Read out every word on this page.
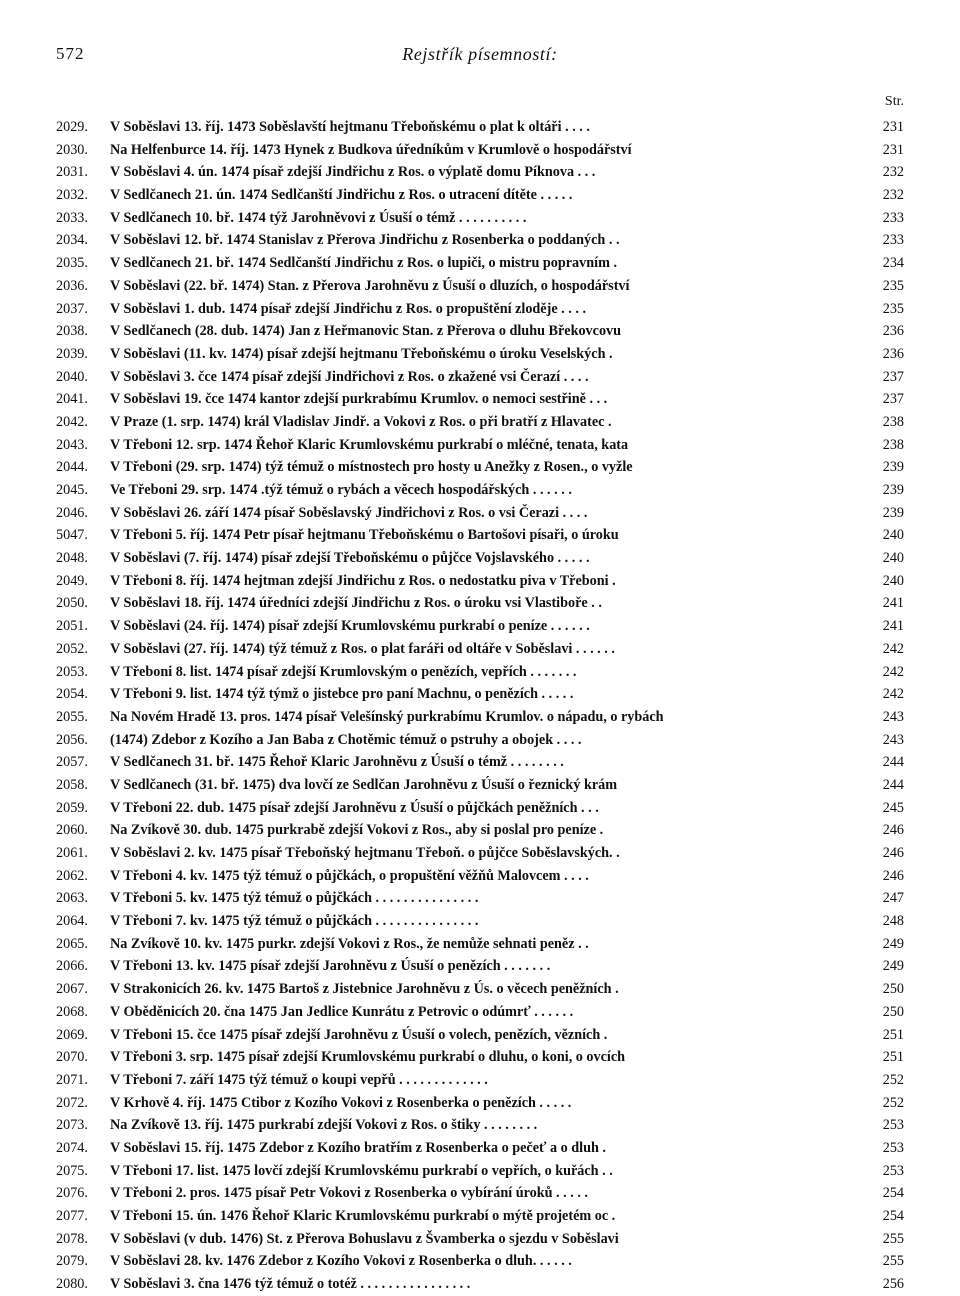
572	Rejstřík písemností:
Str.
2029.	V Soběslavi 13. říj. 1473 Soběslavští hejtmanu Třeboňskému o plat k oltáři . . . .	231
2030.	Na Helfenburce 14. říj. 1473 Hynek z Budkova úředníkům v Krumlově o hospodářství	231
2031.	V Soběslavi 4. ún. 1474 písař zdejší Jindřichu z Ros. o výplatě domu Píknova . . .	232
2032.	V Sedlčanech 21. ún. 1474 Sedlčanští Jindřichu z Ros. o utracení dítěte . . . . .	232
2033.	V Sedlčanech 10. bř. 1474 týž Jarohněvovi z Úsuší o témž . . . . . . . . . .	233
2034.	V Soběslavi 12. bř. 1474 Stanislav z Přerova Jindřichu z Rosenberka o poddaných . .	233
2035.	V Sedlčanech 21. bř. 1474 Sedlčanští Jindřichu z Ros. o lupiči, o mistru popravním .	234
2036.	V Soběslavi (22. bř. 1474) Stan. z Přerova Jarohněvu z Úsuší o dluzích, o hospodářství	235
2037.	V Soběslavi 1. dub. 1474 písař zdejší Jindřichu z Ros. o propuštění zloděje . . . .	235
2038.	V Sedlčanech (28. dub. 1474) Jan z Heřmanovic Stan. z Přerova o dluhu Břekovcovu	236
2039.	V Soběslavi (11. kv. 1474) písař zdejší hejtmanu Třeboňskému o úroku Veselských .	236
2040.	V Soběslavi 3. čce 1474 písař zdejší Jindřichovi z Ros. o zkažené vsi Čerazí . . . .	237
2041.	V Soběslavi 19. čce 1474 kantor zdejší purkrabímu Krumlov. o nemoci sestřině . . .	237
2042.	V Praze (1. srp. 1474) král Vladislav Jindř. a Vokovi z Ros. o při bratří z Hlavatec .	238
2043.	V Třeboni 12. srp. 1474 Řehoř Klaric Krumlovskému purkrabí o mléčné, tenata, kata	238
2044.	V Třeboni (29. srp. 1474) týž témuž o místnostech pro hosty u Anežky z Rosen., o vyžle	239
2045.	Ve Třeboni 29. srp. 1474 .týž témuž o rybách a věcech hospodářských . . . . . .	239
2046.	V Soběslavi 26. září 1474 písař Soběslavský Jindřichovi z Ros. o vsi Čerazi . . . .	239
5047.	V Třeboni 5. říj. 1474 Petr písař hejtmanu Třeboňskému o Bartošovi písaři, o úroku	240
2048.	V Soběslavi (7. říj. 1474) písař zdejší Třeboňskému o půjčce Vojslavského . . . . .	240
2049.	V Třeboni 8. říj. 1474 hejtman zdejší Jindřichu z Ros. o nedostatku piva v Třeboni .	240
2050.	V Soběslavi 18. říj. 1474 úředníci zdejší Jindřichu z Ros. o úroku vsi Vlastiboře . .	241
2051.	V Soběslavi (24. říj. 1474) písař zdejší Krumlovskému purkrabí o peníze . . . . . .	241
2052.	V Soběslavi (27. říj. 1474) týž témuž z Ros. o plat faráři od oltáře v Soběslavi . . . . . .	242
2053.	V Třeboni 8. list. 1474 písař zdejší Krumlovským o penězích, vepřích . . . . . . .	242
2054.	V Třeboni 9. list. 1474 týž týmž o jistebce pro paní Machnu, o penězích . . . . .	242
2055.	Na Novém Hradě 13. pros. 1474 písař Velešínský purkrabímu Krumlov. o nápadu, o rybách	243
2056.	(1474) Zdebor z Kozího a Jan Baba z Chotěmic témuž o pstruhy a obojek . . . .	243
2057.	V Sedlčanech 31. bř. 1475 Řehoř Klaric Jarohněvu z Úsuší o témž . . . . . . . .	244
2058.	V Sedlčanech (31. bř. 1475) dva lovčí ze Sedlčan Jarohněvu z Úsuší o řeznický krám	244
2059.	V Třeboni 22. dub. 1475 písař zdejší Jarohněvu z Úsuší o půjčkách peněžních . . .	245
2060.	Na Zvíkově 30. dub. 1475 purkrabě zdejší Vokovi z Ros., aby si poslal pro peníze .	246
2061.	V Soběslavi 2. kv. 1475 písař Třeboňský hejtmanu Třeboň. o půjčce Soběslavských. .	246
2062.	V Třeboni 4. kv. 1475 týž témuž o půjčkách, o propuštění věžňů Malovcem . . . .	246
2063.	V Třeboni 5. kv. 1475 týž témuž o půjčkách . . . . . . . . . . . . . . .	247
2064.	V Třeboni 7. kv. 1475 týž témuž o půjčkách . . . . . . . . . . . . . . .	248
2065.	Na Zvíkově 10. kv. 1475 purkr. zdejší Vokovi z Ros., že nemůže sehnati peněz . .	249
2066.	V Třeboni 13. kv. 1475 písař zdejší Jarohněvu z Úsuší o penězích . . . . . . .	249
2067.	V Strakonicích 26. kv. 1475 Bartoš z Jistebnice Jarohněvu z Ús. o věcech peněžních .	250
2068.	V Oběděnicích 20. čna 1475 Jan Jedlice Kunrátu z Petrovic o odúmrť . . . . . .	250
2069.	V Třeboni 15. čce 1475 písař zdejší Jarohněvu z Úsuší o volech, penězích, vězních .	251
2070.	V Třeboni 3. srp. 1475 písař zdejší Krumlovskému purkrabí o dluhu, o koni, o ovcích	251
2071.	V Třeboni 7. září 1475 týž témuž o koupi vepřů . . . . . . . . . . . . .	252
2072.	V Krhově 4. říj. 1475 Ctibor z Kozího Vokovi z Rosenberka o penězích . . . . .	252
2073.	Na Zvíkově 13. říj. 1475 purkrabí zdejší Vokovi z Ros. o štiky . . . . . . . .	253
2074.	V Soběslavi 15. říj. 1475 Zdebor z Kozího bratřím z Rosenberka o pečeť a o dluh .	253
2075.	V Třeboni 17. list. 1475 lovčí zdejší Krumlovskému purkrabí o vepřích, o kuřách . .	253
2076.	V Třeboni 2. pros. 1475 písař Petr Vokovi z Rosenberka o vybírání úroků . . . . .	254
2077.	V Třeboni 15. ún. 1476 Řehoř Klaric Krumlovskému purkrabí o mýtě projetém oc .	254
2078.	V Soběslavi (v dub. 1476) St. z Přerova Bohuslavu z Švamberka o sjezdu v Soběslavi	255
2079.	V Soběslavi 28. kv. 1476 Zdebor z Kozího Vokovi z Rosenberka o dluh. . . . . .	255
2080.	V Soběslavi 3. čna 1476 týž témuž o totéž . . . . . . . . . . . . . . . .	256
